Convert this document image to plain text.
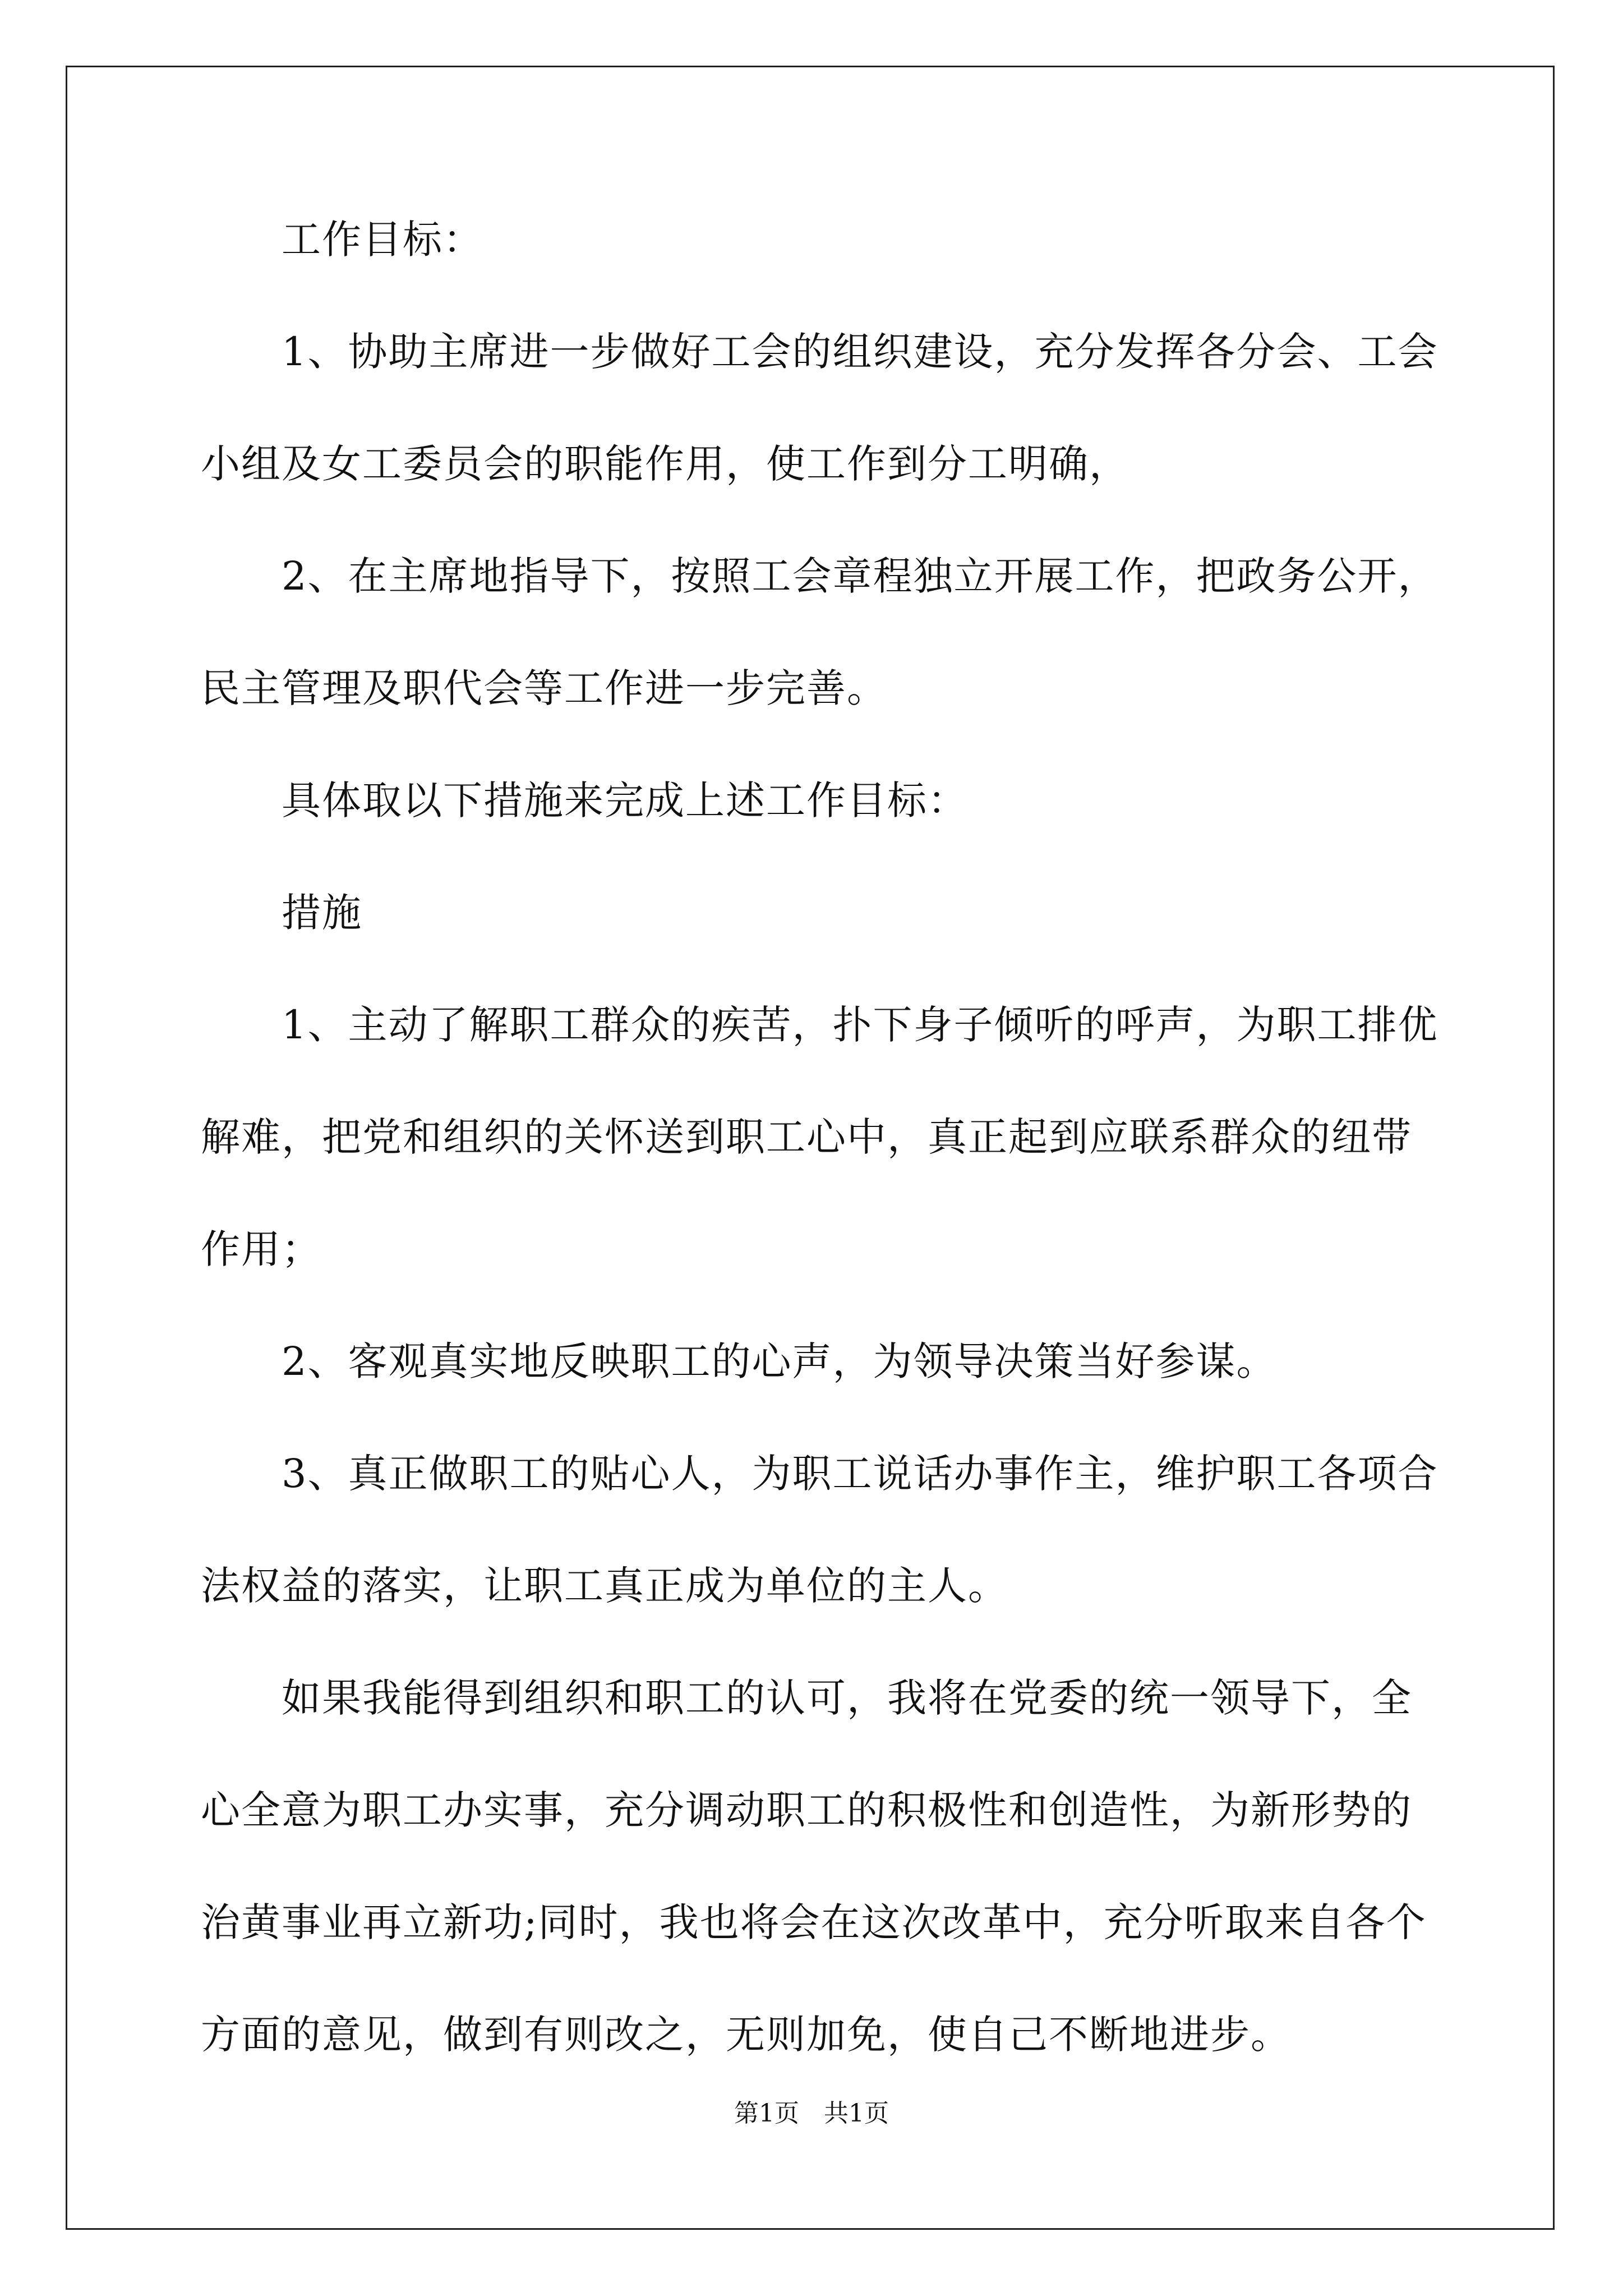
工作目标：
1、协助主席进一步做好工会的组织建设，充分发挥各分会、工会
小组及女工委员会的职能作用，使工作到分工明确，
2、在主席地指导下，按照工会章程独立开展工作，把政务公开，
民主管理及职代会等工作进一步完善。
具体取以下措施来完成上述工作目标：
措施
1、主动了解职工群众的疾苦，扑下身子倾听的呼声，为职工排优
解难，把党和组织的关怀送到职工心中，真正起到应联系群众的纽带
作用；
2、客观真实地反映职工的心声，为领导决策当好参谋。
3、真正做职工的贴心人，为职工说话办事作主，维护职工各项合
法权益的落实，让职工真正成为单位的主人。
如果我能得到组织和职工的认可，我将在党委的统一领导下，全
心全意为职工办实事，充分调动职工的积极性和创造性，为新形势的
治黄事业再立新功;同时，我也将会在这次改革中，充分听取来自各个
方面的意见，做到有则改之，无则加免，使自己不断地进步。
第1页　共1页
